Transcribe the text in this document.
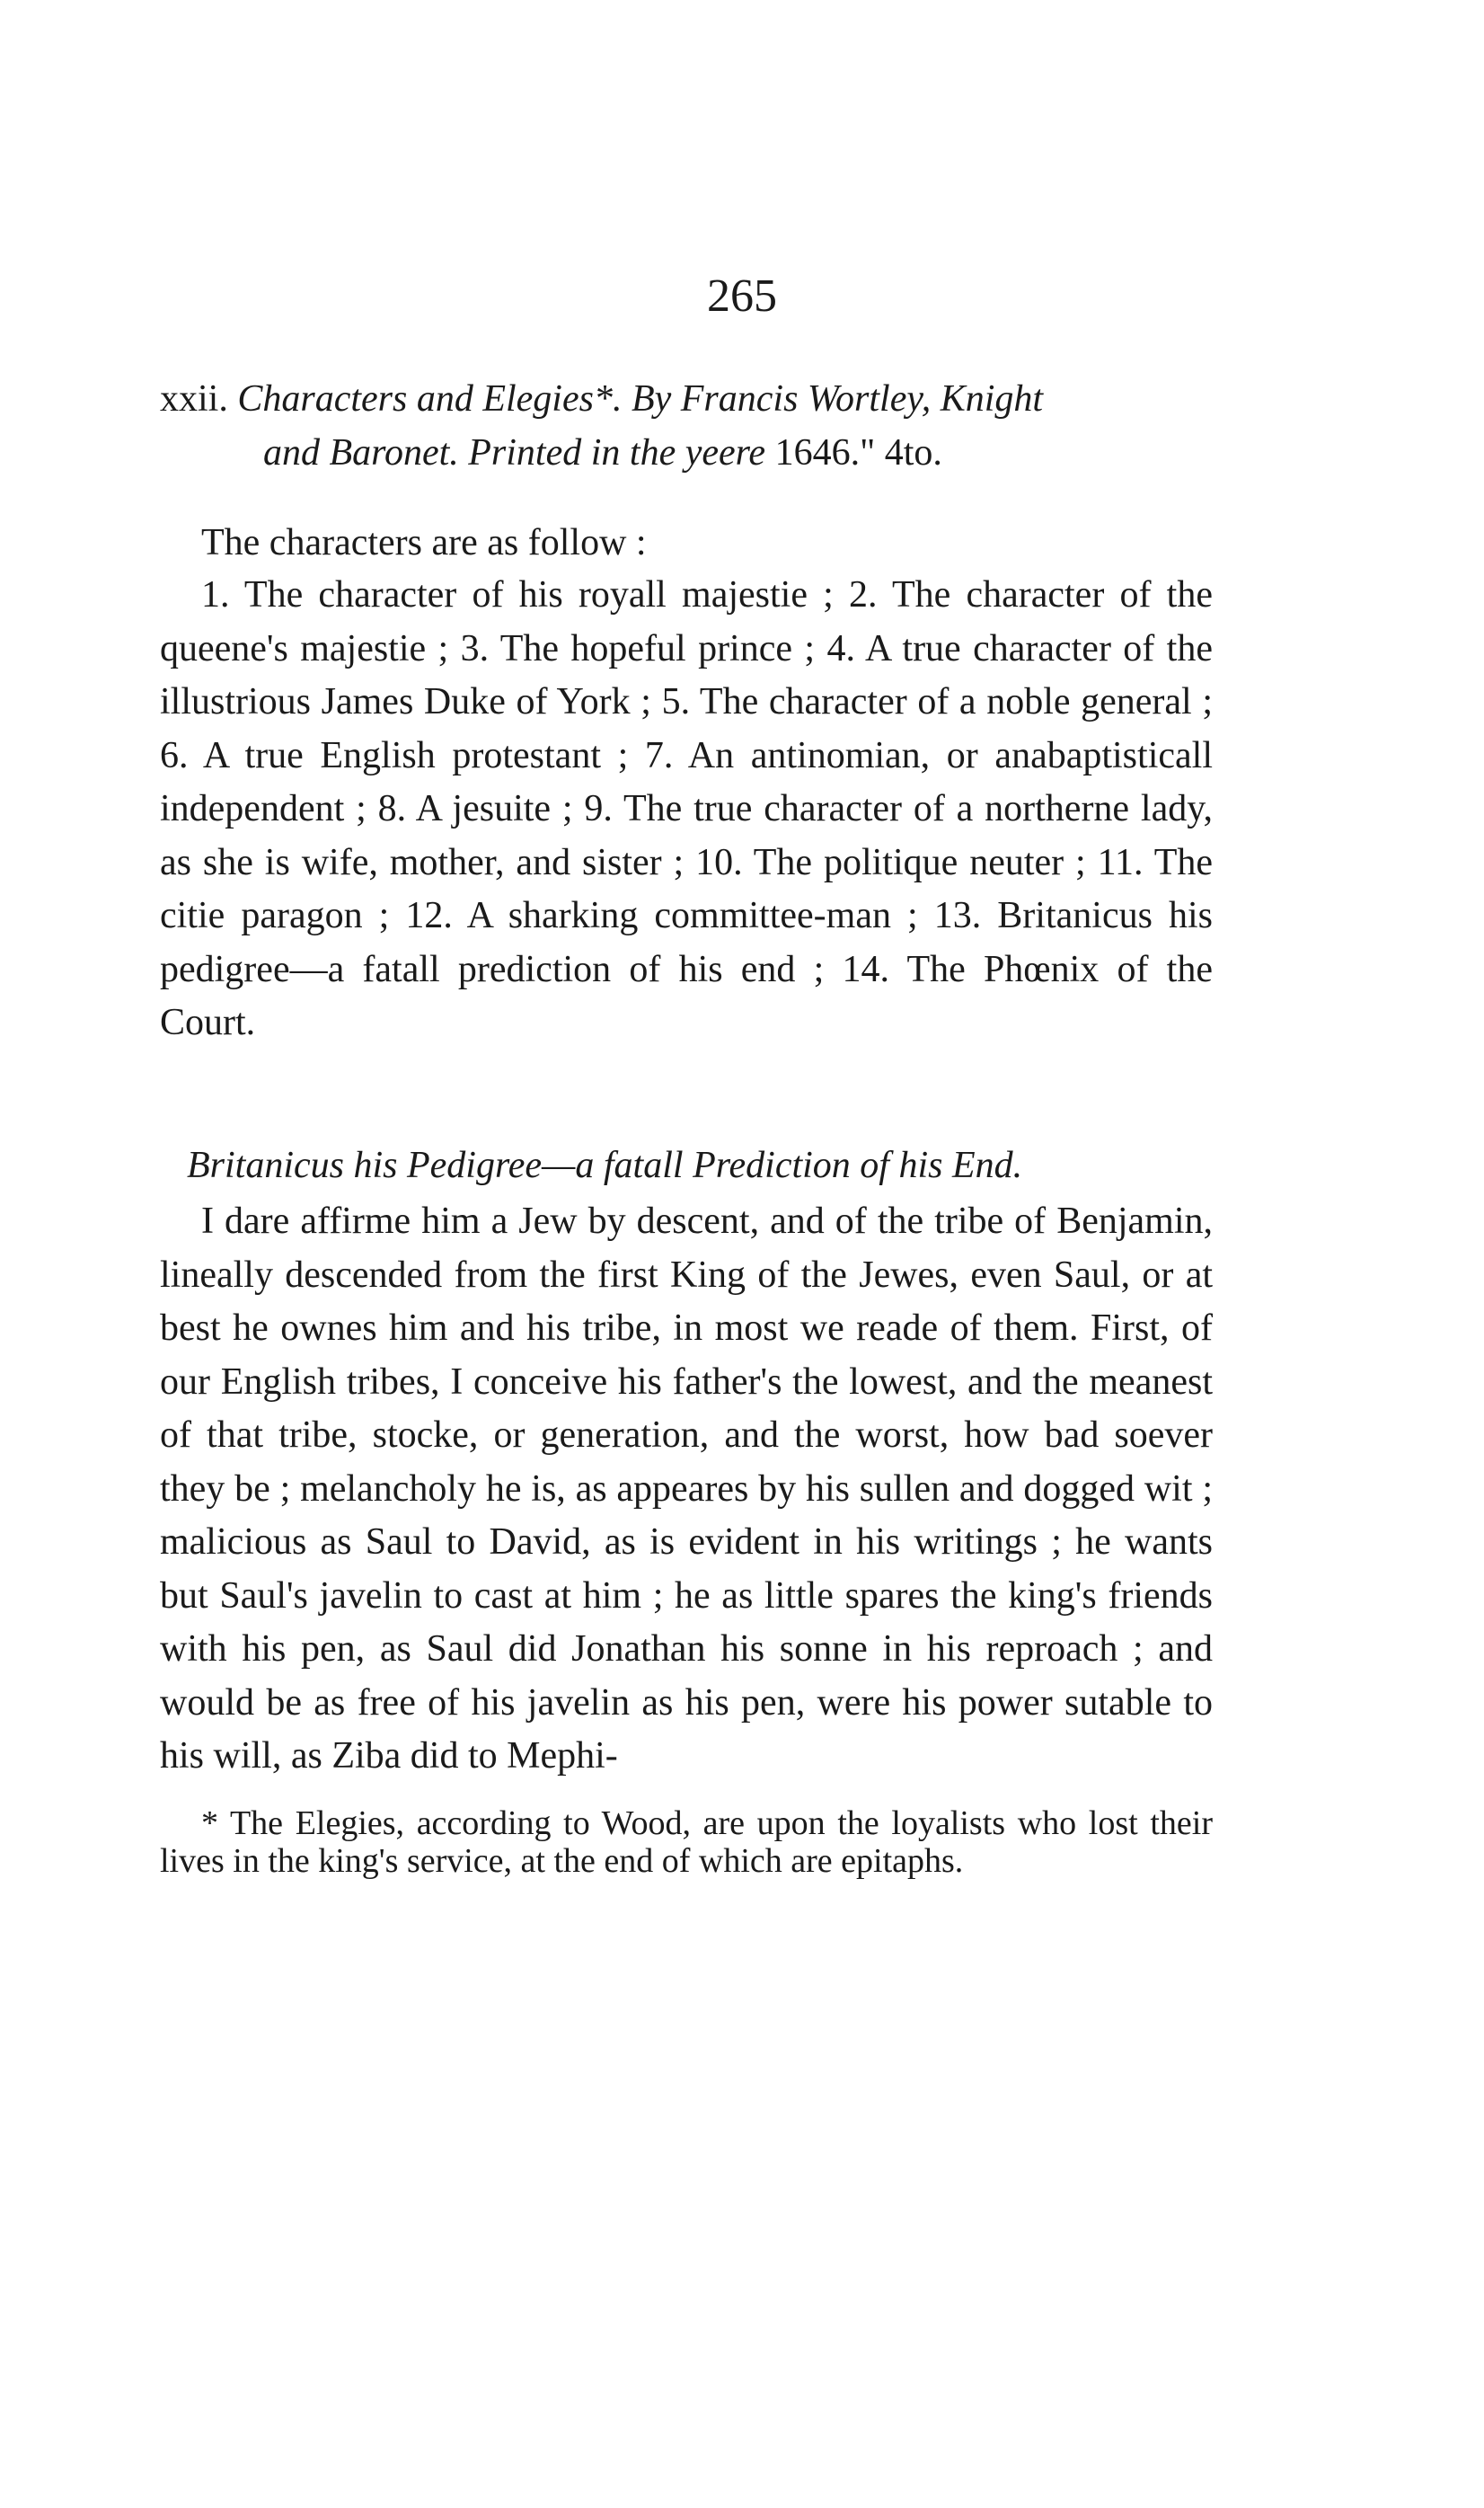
265
xxii. Characters and Elegies*. By Francis Wortley, Knight
and Baronet. Printed in the yeere 1646." 4to.
The characters are as follow :
1. The character of his royall majestie ; 2. The character of the queene's majestie ; 3. The hopeful prince ; 4. A true character of the illustrious James Duke of York ; 5. The character of a noble general ; 6. A true English protestant ; 7. An antinomian, or anabaptisticall independent ; 8. A jesuite ; 9. The true character of a northerne lady, as she is wife, mother, and sister ; 10. The politique neuter ; 11. The citie paragon ; 12. A sharking committee-man ; 13. Britanicus his pedigree—a fatall prediction of his end ; 14. The Phœnix of the Court.
Britanicus his Pedigree—a fatall Prediction of his End.
I dare affirme him a Jew by descent, and of the tribe of Benjamin, lineally descended from the first King of the Jewes, even Saul, or at best he ownes him and his tribe, in most we reade of them. First, of our English tribes, I conceive his father's the lowest, and the meanest of that tribe, stocke, or generation, and the worst, how bad soever they be ; melancholy he is, as appeares by his sullen and dogged wit ; malicious as Saul to David, as is evident in his writings ; he wants but Saul's javelin to cast at him ; he as little spares the king's friends with his pen, as Saul did Jonathan his sonne in his reproach ; and would be as free of his javelin as his pen, were his power sutable to his will, as Ziba did to Mephi-
* The Elegies, according to Wood, are upon the loyalists who lost their lives in the king's service, at the end of which are epitaphs.
